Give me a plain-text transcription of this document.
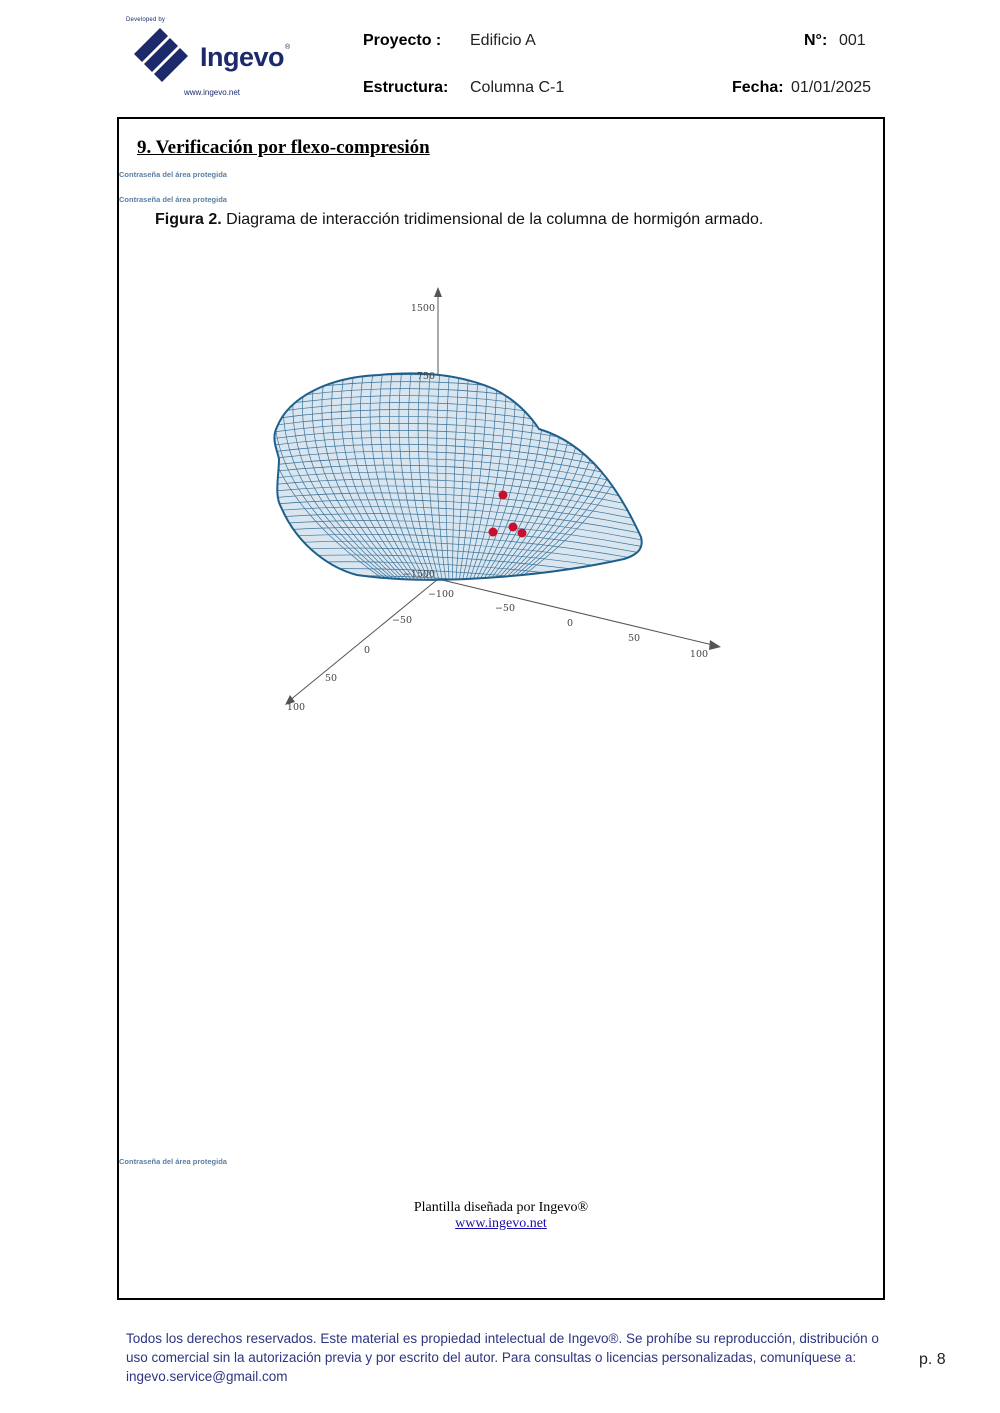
Developed by
Ingevo ®
www.ingevo.net
Proyecto : Edificio A	N°: 001
Estructura: Columna C-1	Fecha: 01/01/2025
9. Verificación por flexo-compresión
Contraseña del área protegida
Contraseña del área protegida
Figura 2. Diagrama de interacción tridimensional de la columna de hormigón armado.
1500
750
−1500
−100
−50
0
50
100
−50
0
50
100
Contraseña del área protegida
Plantilla diseñada por Ingevo®
www.ingevo.net
Todos los derechos reservados. Este material es propiedad intelectual de Ingevo®. Se prohíbe su reproducción, distribución o uso comercial sin la autorización previa y por escrito del autor. Para consultas o licencias personalizadas, comuníquese a: ingevo.service@gmail.com
p. 8
